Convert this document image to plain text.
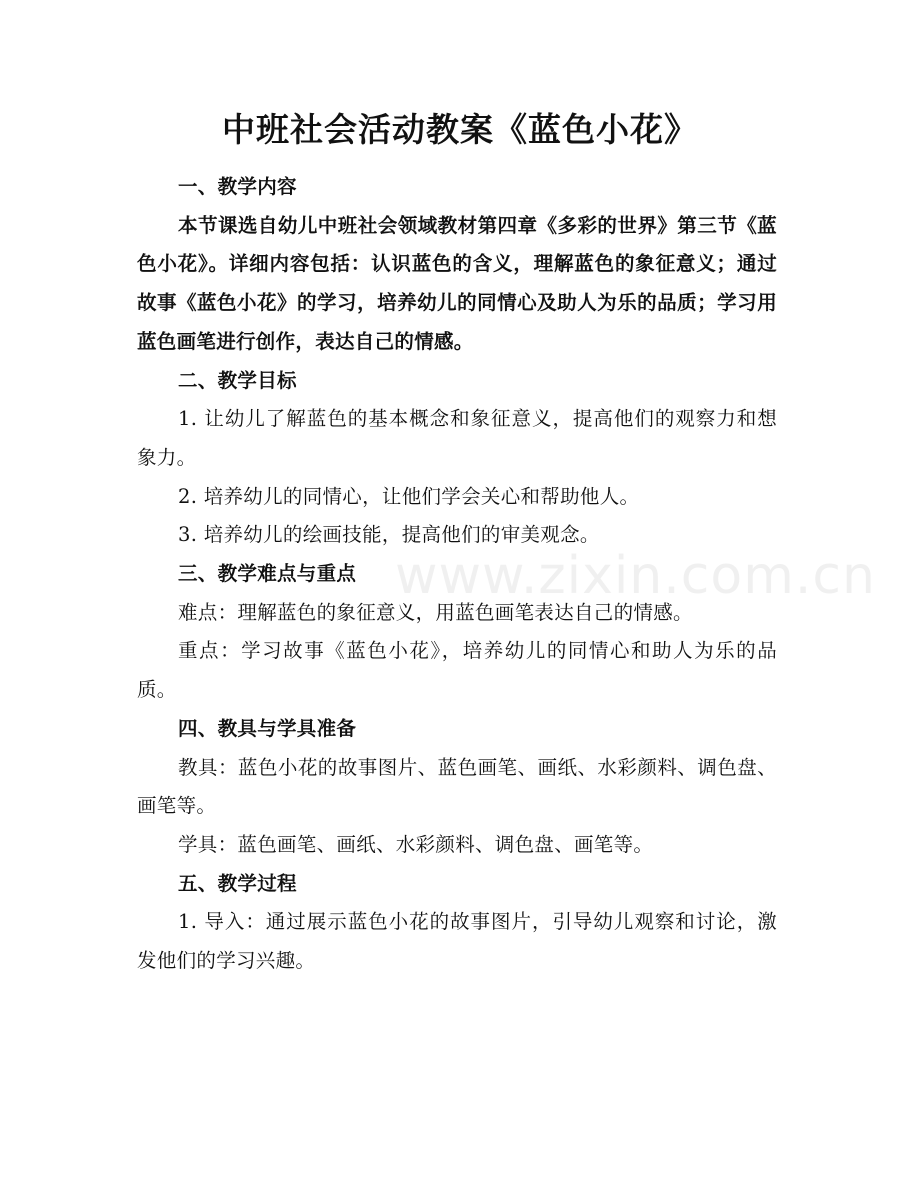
www.zixin.com.cn
中班社会活动教案《蓝色小花》

一、教学内容

本节课选自幼儿中班社会领域教材第四章《多彩的世界》第三节《蓝色小花》。详细内容包括：认识蓝色的含义，理解蓝色的象征意义；通过故事《蓝色小花》的学习，培养幼儿的同情心及助人为乐的品质；学习用蓝色画笔进行创作，表达自己的情感。

二、教学目标

1. 让幼儿了解蓝色的基本概念和象征意义，提高他们的观察力和想象力。

2. 培养幼儿的同情心，让他们学会关心和帮助他人。

3. 培养幼儿的绘画技能，提高他们的审美观念。

三、教学难点与重点

难点：理解蓝色的象征意义，用蓝色画笔表达自己的情感。

重点：学习故事《蓝色小花》，培养幼儿的同情心和助人为乐的品质。

四、教具与学具准备

教具：蓝色小花的故事图片、蓝色画笔、画纸、水彩颜料、调色盘、画笔等。

学具：蓝色画笔、画纸、水彩颜料、调色盘、画笔等。

五、教学过程

1. 导入：通过展示蓝色小花的故事图片，引导幼儿观察和讨论，激发他们的学习兴趣。
